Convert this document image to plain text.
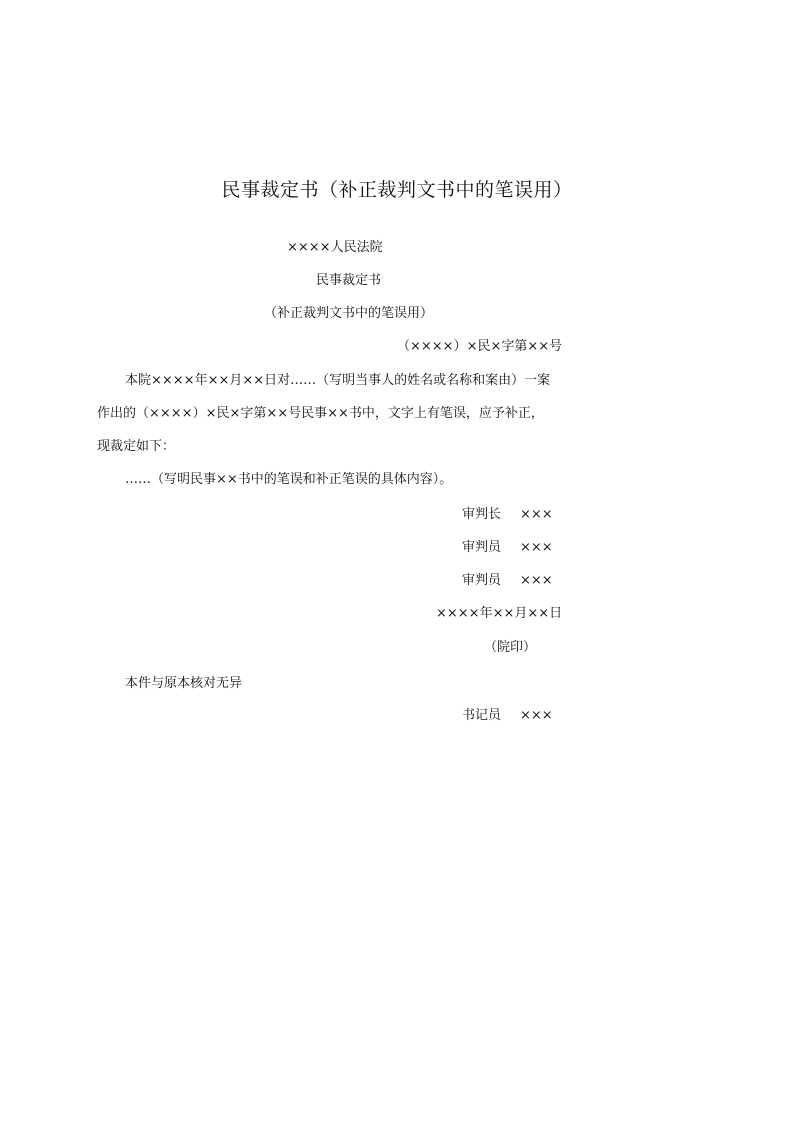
民事裁定书（补正裁判文书中的笔误用）
××××人民法院
民事裁定书
（补正裁判文书中的笔误用）
（××××）×民×字第××号
本院××××年××月××日对……（写明当事人的姓名或名称和案由）一案
作出的（××××）×民×字第××号民事××书中，文字上有笔误，应予补正，
现裁定如下：
……（写明民事××书中的笔误和补正笔误的具体内容）。
审判长 ×××
审判员 ×××
审判员 ×××
××××年××月××日
（院印）
本件与原本核对无异
书记员 ×××
